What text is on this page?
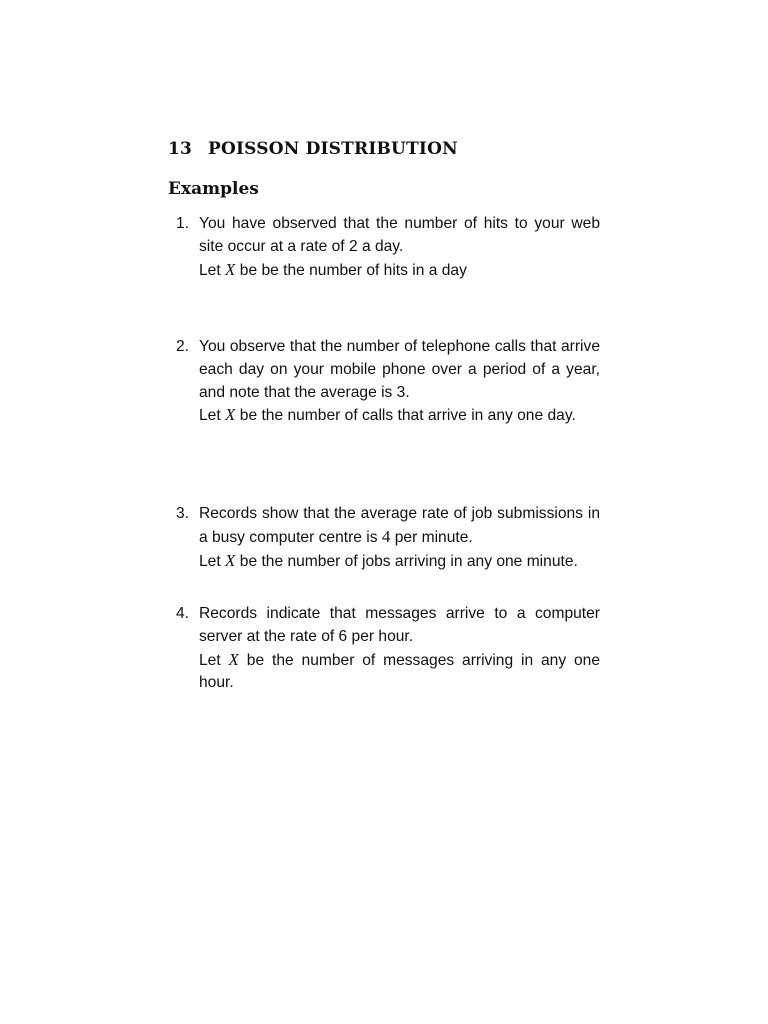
13 POISSON DISTRIBUTION
Examples
1. You have observed that the number of hits to your web site occur at a rate of 2 a day.

Let X be be the number of hits in a day

2. You observe that the number of telephone calls that arrive each day on your mobile phone over a period of a year, and note that the average is 3.

Let X be the number of calls that arrive in any one day.

3. Records show that the average rate of job submissions in a busy computer centre is 4 per minute.

Let X be the number of jobs arriving in any one minute.

4. Records indicate that messages arrive to a computer server at the rate of 6 per hour.

Let X be the number of messages arriving in any one hour.
